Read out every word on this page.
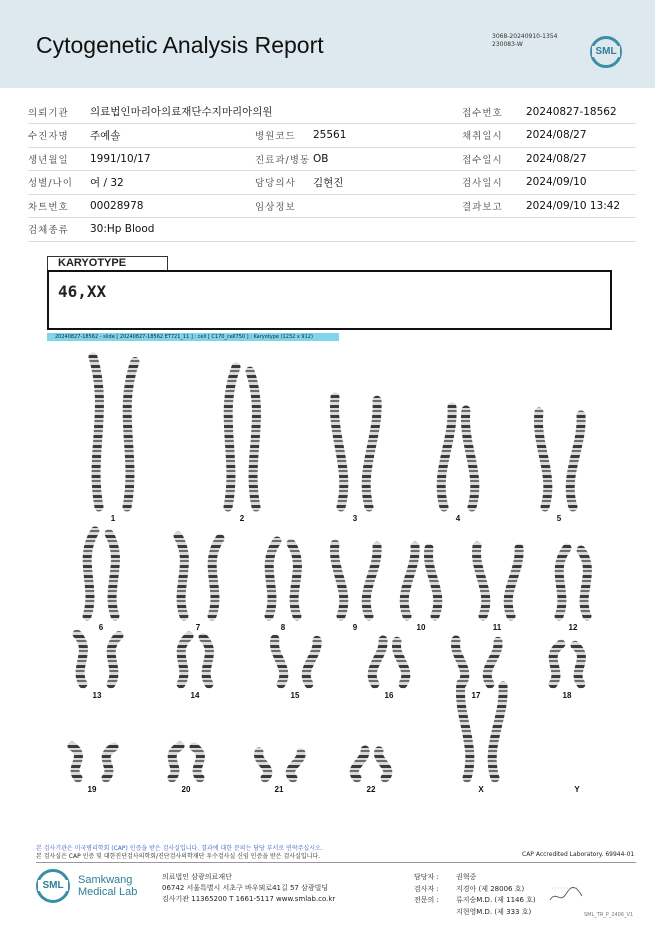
Cytogenetic Analysis Report	3068-20240910-1354
230083-W
SML
의뢰기관	의료법인마리아의료재단수지마리아의원			접수번호	20240827-18562
수진자명	주예솔	병원코드	25561	채취일시	2024/08/27
생년월일	1991/10/17	진료과/병동	OB	접수일시	2024/08/27
성별/나이	여 / 32	담당의사	김현진	검사일시	2024/09/10
차트번호	00028978	임상정보		결과보고	2024/09/10 13:42
검체종류	30:Hp Blood				
KARYOTYPE
46,XX
20240827-18562 - slide [ 20240827-18562 ET721_11 ] : cell [ C170_cell750 ] : Karyotype (1232 x 912)
1	2	3	4	5
6	7	8	9	10	11	12
13	14	15	16	17	18
19	20	21	22	X	Y
본 검사기관은 미국병리학회 (CAP) 인증을 받은 검사실입니다. 결과에 대한 문의는 담당 부서로 연락주십시오.
본 검사실은 CAP 인증 및 대한진단검사의학회/진단검사의학재단 우수검사실 신임 인증을 받은 검사실입니다.	CAP Accredited Laboratory. 69944-01
SML	Samkwang
Medical Lab
의료법인 삼광의료재단
06742 서울특별시 서초구 바우뫼로41길 57 삼광빌딩
검사기관 11365200 T 1661-5117 www.smlab.co.kr
담당자 : 권혁중
검사자 : 지경아 (제 28006 호)
전문의 : 류지숭M.D. (제 1146 호)
지현영M.D. (제 333 호)	SML_TR_P_2406_V1
